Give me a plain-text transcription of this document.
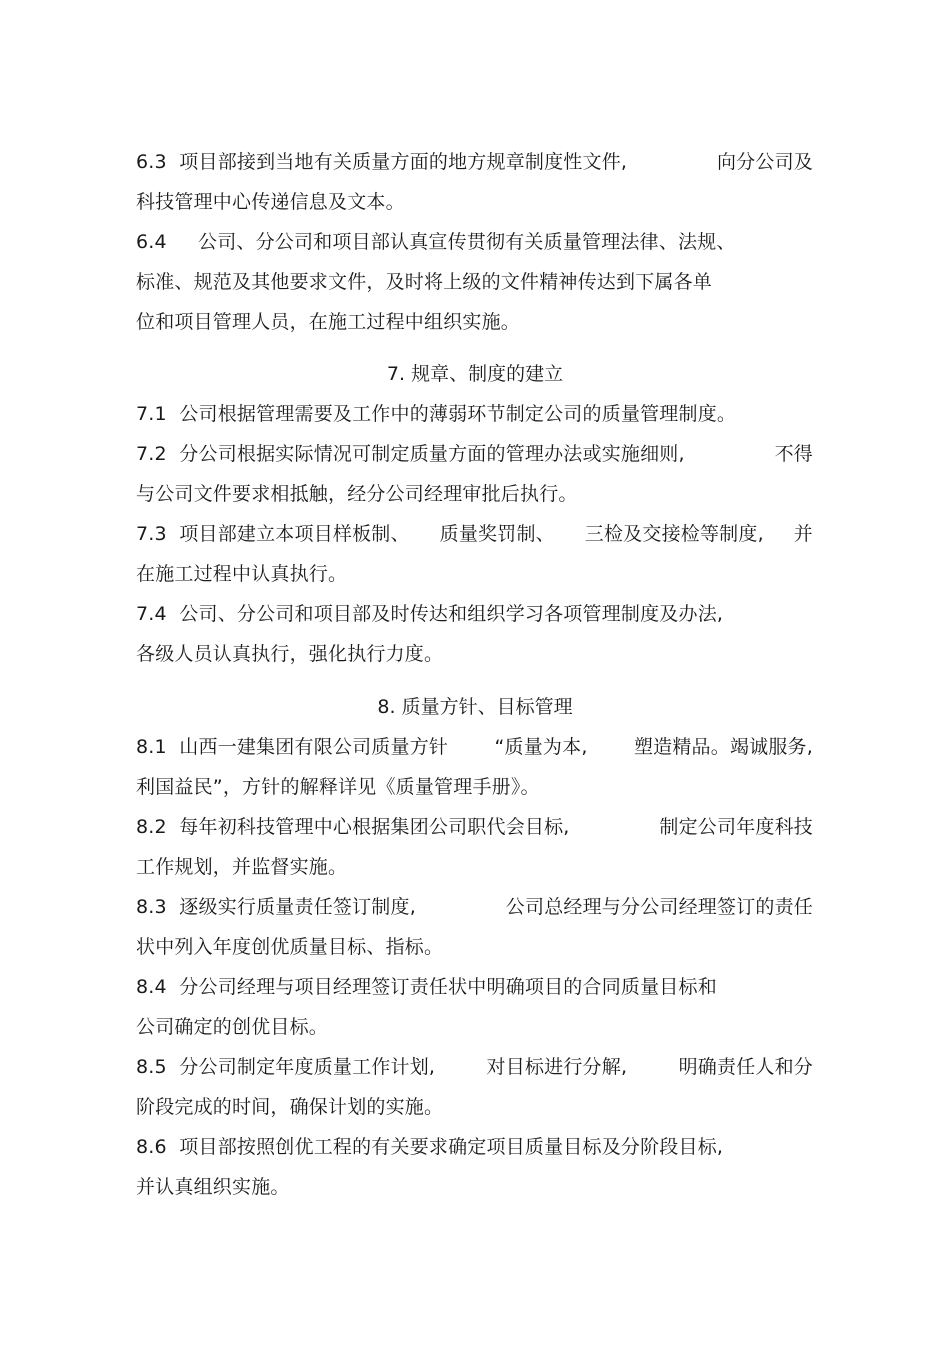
6.3  项目部接到当地有关质量方面的地方规章制度性文件,	向分公司及
科技管理中心传递信息及文本。
6.4     公司、分公司和项目部认真宣传贯彻有关质量管理法律、法规、
标准、规范及其他要求文件，及时将上级的文件精神传达到下属各单
位和项目管理人员，在施工过程中组织实施。
7. 规章、制度的建立
7.1  公司根据管理需要及工作中的薄弱环节制定公司的质量管理制度。
7.2  分公司根据实际情况可制定质量方面的管理办法或实施细则,	不得
与公司文件要求相抵触，经分公司经理审批后执行。
7.3  项目部建立本项目样板制、 质量奖罚制、 三检及交接检等制度, 并
在施工过程中认真执行。
7.4  公司、分公司和项目部及时传达和组织学习各项管理制度及办法,
各级人员认真执行，强化执行力度。
8. 质量方针、目标管理
8.1  山西一建集团有限公司质量方针 “质量为本, 塑造精品。竭诚服务,
利国益民”，方针的解释详见《质量管理手册》。
8.2  每年初科技管理中心根据集团公司职代会目标,	制定公司年度科技
工作规划，并监督实施。
8.3  逐级实行质量责任签订制度,	公司总经理与分公司经理签订的责任
状中列入年度创优质量目标、指标。
8.4  分公司经理与项目经理签订责任状中明确项目的合同质量目标和
公司确定的创优目标。
8.5  分公司制定年度质量工作计划,	对目标进行分解,	明确责任人和分
阶段完成的时间，确保计划的实施。
8.6  项目部按照创优工程的有关要求确定项目质量目标及分阶段目标,
并认真组织实施。
